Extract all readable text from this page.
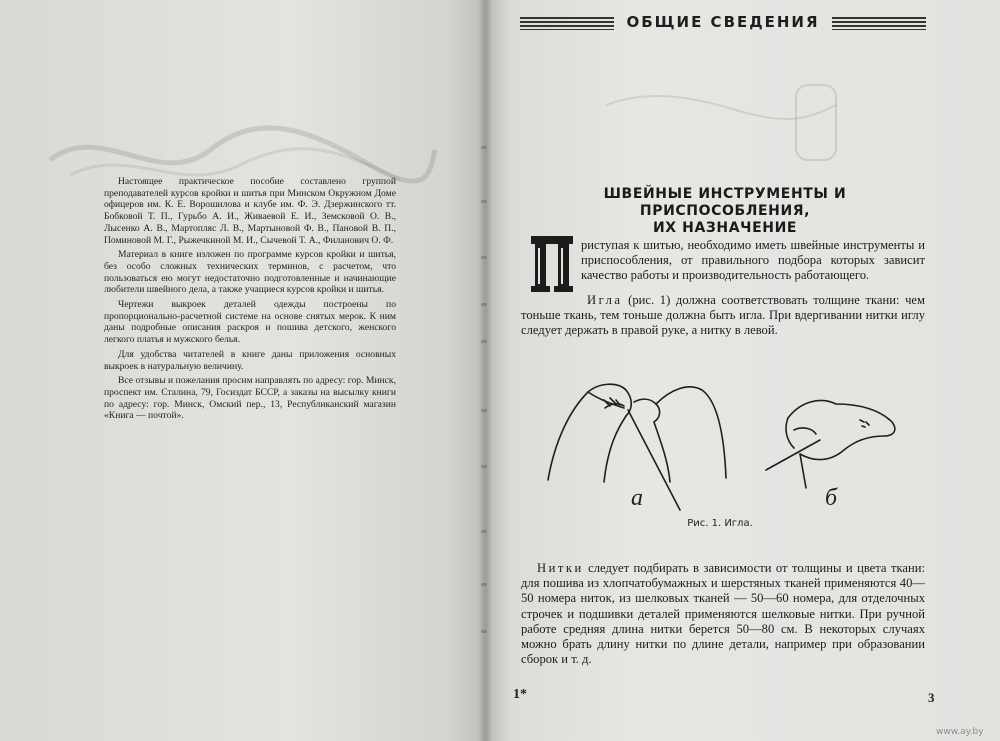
Настоящее практическое пособие составлено группой преподавателей курсов кройки и шитья при Минском Окружном Доме офицеров им. К. Е. Ворошилова и клубе им. Ф. Э. Дзержинского тт. Бобковой Т. П., Гурьбо А. И., Живаевой Е. И., Земсковой О. В., Лысенко А. В., Мартопляс Л. В., Мартыновой Ф. В., Пановой В. П., Поминовой М. Г., Рыжечкиной М. И., Сычевой Т. А., Филанович О. Ф.

Материал в книге изложен по программе курсов кройки и шитья, без особо сложных технических терминов, с расчетом, что пользоваться ею могут недостаточно подготовленные и начинающие любители швейного дела, а также учащиеся курсов кройки и шитья.

Чертежи выкроек деталей одежды построены по пропорционально-расчетной системе на основе снятых мерок. К ним даны подробные описания раскроя и пошива детского, женского легкого платья и мужского белья.

Для удобства читателей в книге даны приложения основных выкроек в натуральную величину.

Все отзывы и пожелания просим направлять по адресу: гор. Минск, проспект им. Сталина, 79, Госиздат БССР, а заказы на высылку книги по адресу: гор. Минск, Омский пер., 13, Республиканский магазин «Книга — почтой».

1*
ОБЩИЕ СВЕДЕНИЯ
ШВЕЙНЫЕ ИНСТРУМЕНТЫ И ПРИСПОСОБЛЕНИЯ,
ИХ НАЗНАЧЕНИЕ
риступая к шитью, необходимо иметь швейные инструменты и приспособления, от правильного подбора которых зависит качество работы и производительность работающего.
Игла (рис. 1) должна соответствовать толщине ткани: чем тоньше ткань, тем тоньше должна быть игла. При вдергивании нитки иглу следует держать в правой руке, а нитку в левой.
а	б
Рис. 1. Игла.

Нитки следует подбирать в зависимости от толщины и цвета ткани: для пошива из хлопчатобумажных и шерстяных тканей применяются 40—50 номера ниток, из шелковых тканей — 50—60 номера, для отделочных строчек и подшивки деталей применяются шелковые нитки. При ручной работе средняя длина нитки берется 50—80 см. В некоторых случаях можно брать длину нитки по длине детали, например при образовании сборок и т. д.

3
www.ay.by
